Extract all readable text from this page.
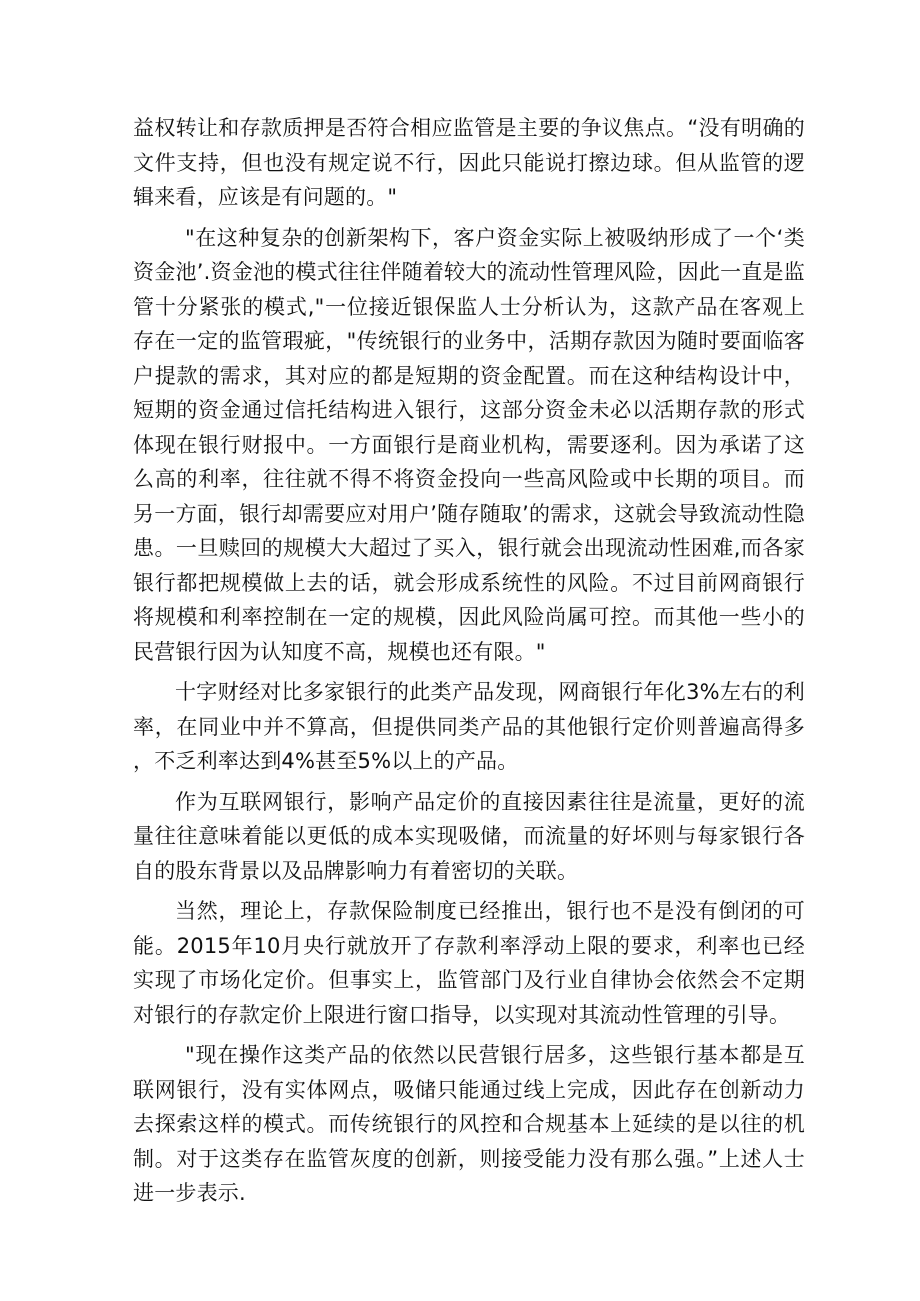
益权转让和存款质押是否符合相应监管是主要的争议焦点。“没有明确的文件支持，但也没有规定说不行，因此只能说打擦边球。但从监管的逻辑来看，应该是有问题的。"

"在这种复杂的创新架构下，客户资金实际上被吸纳形成了一个‘类资金池’.资金池的模式往往伴随着较大的流动性管理风险，因此一直是监管十分紧张的模式,"一位接近银保监人士分析认为，这款产品在客观上存在一定的监管瑕疵，"传统银行的业务中，活期存款因为随时要面临客户提款的需求，其对应的都是短期的资金配置。而在这种结构设计中，短期的资金通过信托结构进入银行，这部分资金未必以活期存款的形式体现在银行财报中。一方面银行是商业机构，需要逐利。因为承诺了这么高的利率，往往就不得不将资金投向一些高风险或中长期的项目。而另一方面，银行却需要应对用户’随存随取’的需求，这就会导致流动性隐患。一旦赎回的规模大大超过了买入，银行就会出现流动性困难,而各家银行都把规模做上去的话，就会形成系统性的风险。不过目前网商银行将规模和利率控制在一定的规模，因此风险尚属可控。而其他一些小的民营银行因为认知度不高，规模也还有限。"

十字财经对比多家银行的此类产品发现，网商银行年化3%左右的利率，在同业中并不算高，但提供同类产品的其他银行定价则普遍高得多，不乏利率达到4%甚至5%以上的产品。

作为互联网银行，影响产品定价的直接因素往往是流量，更好的流量往往意味着能以更低的成本实现吸储，而流量的好坏则与每家银行各自的股东背景以及品牌影响力有着密切的关联。

当然，理论上，存款保险制度已经推出，银行也不是没有倒闭的可能。2015年10月央行就放开了存款利率浮动上限的要求，利率也已经实现了市场化定价。但事实上，监管部门及行业自律协会依然会不定期对银行的存款定价上限进行窗口指导，以实现对其流动性管理的引导。

"现在操作这类产品的依然以民营银行居多，这些银行基本都是互联网银行，没有实体网点，吸储只能通过线上完成，因此存在创新动力去探索这样的模式。而传统银行的风控和合规基本上延续的是以往的机制。对于这类存在监管灰度的创新，则接受能力没有那么强。”上述人士进一步表示.
